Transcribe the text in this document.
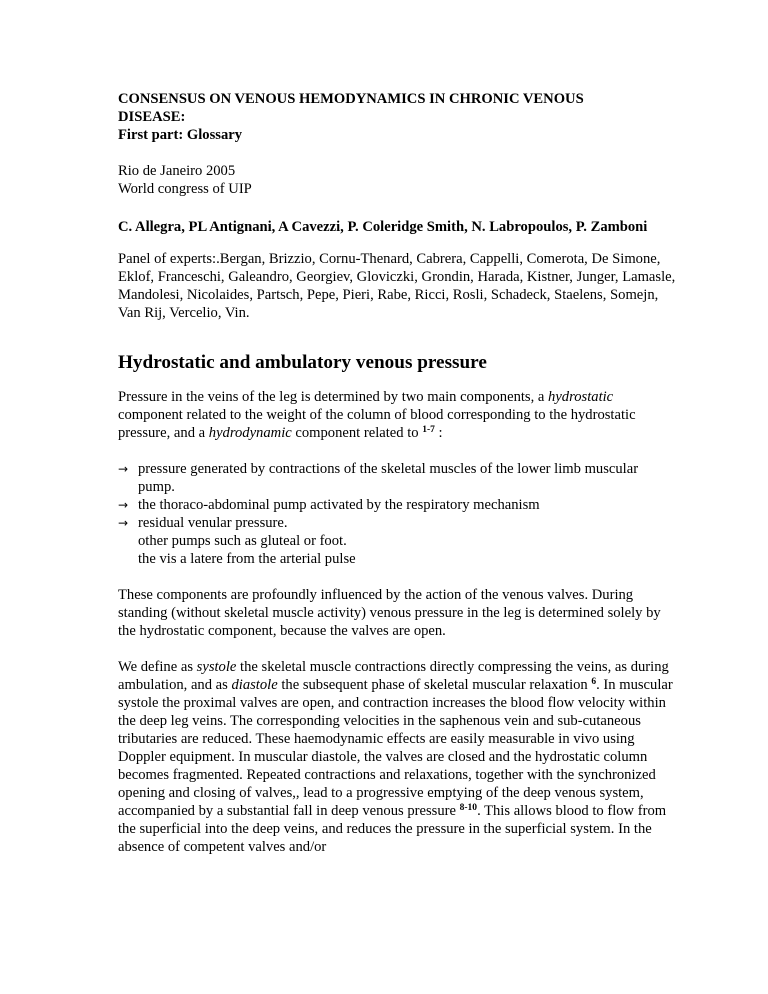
CONSENSUS ON VENOUS HEMODYNAMICS IN CHRONIC VENOUS
DISEASE:
First part: Glossary
Rio de Janeiro 2005
World congress of UIP
C. Allegra, PL Antignani, A Cavezzi, P. Coleridge Smith, N. Labropoulos, P. Zamboni
Panel of experts:.Bergan, Brizzio, Cornu-Thenard, Cabrera, Cappelli, Comerota, De Simone, Eklof, Franceschi, Galeandro, Georgiev, Gloviczki, Grondin, Harada, Kistner, Junger, Lamasle, Mandolesi, Nicolaides, Partsch, Pepe, Pieri, Rabe, Ricci, Rosli, Schadeck, Staelens, Somejn, Van Rij, Vercelio, Vin.
Hydrostatic and ambulatory venous pressure

Pressure in the veins of the leg is determined by two main components, a hydrostatic component related to the weight of the column of blood corresponding to the hydrostatic pressure, and a hydrodynamic component related to $^{1-7}$ :

→ pressure generated by contractions of the skeletal muscles of the lower limb muscular pump.
→ the thoraco-abdominal pump activated by the respiratory mechanism
→ residual venular pressure.
other pumps such as gluteal or foot.
the vis a latere from the arterial pulse

These components are profoundly influenced by the action of the venous valves. During standing (without skeletal muscle activity) venous pressure in the leg is determined solely by the hydrostatic component, because the valves are open.

We define as systole the skeletal muscle contractions directly compressing the veins, as during ambulation, and as diastole the subsequent phase of skeletal muscular relaxation $^6$. In muscular systole the proximal valves are open, and contraction increases the blood flow velocity within the deep leg veins. The corresponding velocities in the saphenous vein and sub-cutaneous tributaries are reduced. These haemodynamic effects are easily measurable in vivo using Doppler equipment. In muscular diastole, the valves are closed and the hydrostatic column becomes fragmented. Repeated contractions and relaxations, together with the synchronized opening and closing of valves,, lead to a progressive emptying of the deep venous system, accompanied by a substantial fall in deep venous pressure $^{8-10}$. This allows blood to flow from the superficial into the deep veins, and reduces the pressure in the superficial system. In the absence of competent valves and/or
